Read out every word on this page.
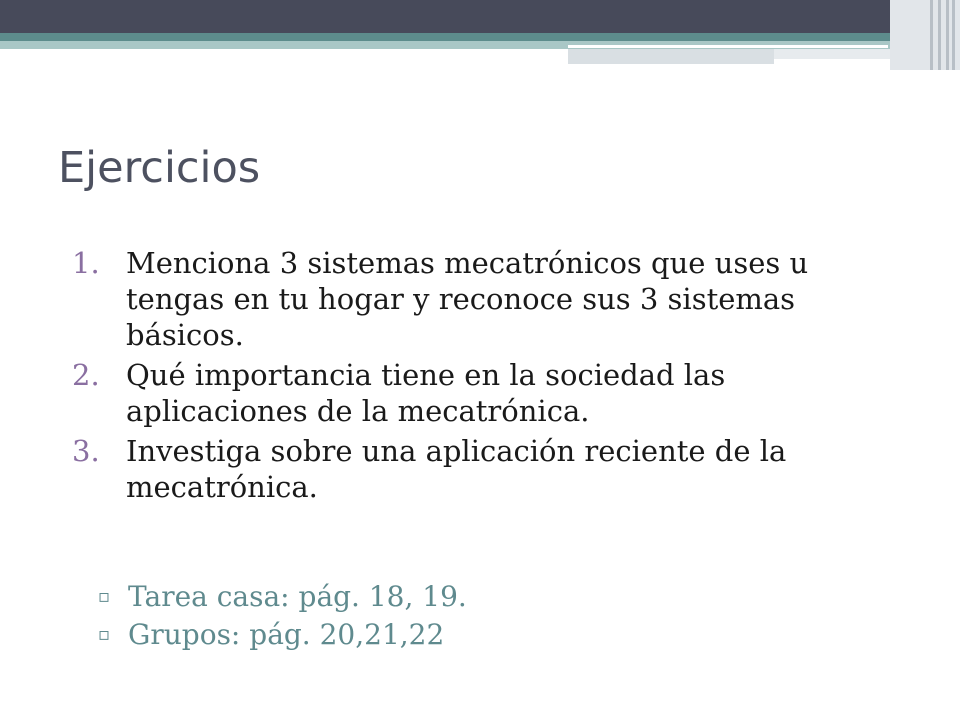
Ejercicios
1. Menciona 3 sistemas mecatrónicos que uses u tengas en tu hogar y reconoce sus 3 sistemas básicos.
2. Qué importancia tiene en la sociedad las aplicaciones de la mecatrónica.
3. Investiga sobre una aplicación reciente de la mecatrónica.
▫ Tarea casa: pág. 18, 19.
▫ Grupos: pág. 20,21,22
